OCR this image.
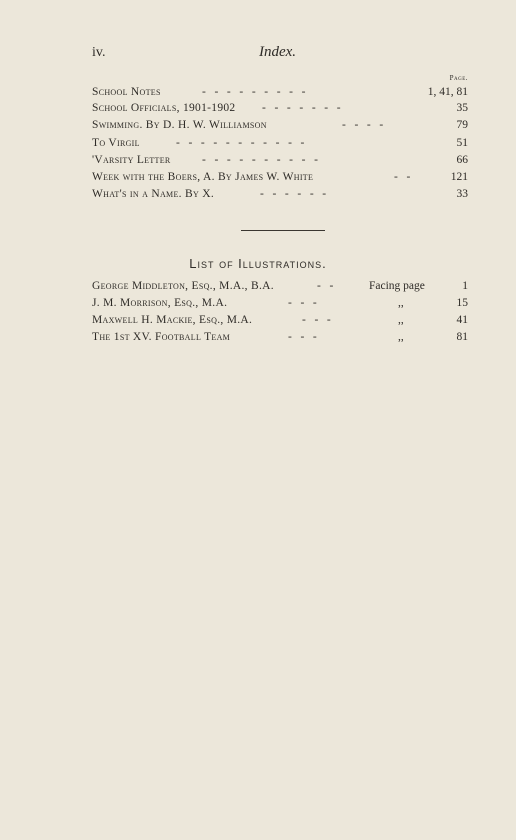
iv.	Index.
Page.
School Notes	-   -   -   -   -   -   -   -   -	1, 41, 81
School Officials, 1901-1902 -   -   -   -   -   -   -	35
Swimming. By D. H. W. Williamson	-   -   -   -	79
To Virgil	-   -   -   -   -   -   -   -   -   -   -	51
'Varsity Letter	-   -   -   -   -   -   -   -   -   -	66
Week with the Boers, A. By James W. White	-   -	121
What's in a Name. By X.	-   -   -   -   -   -	33
List of Illustrations.
George Middleton, Esq., M.A., B.A.	-   -	Facing page	1
J. M. Morrison, Esq., M.A.	-   -   -	,,	15
Maxwell H. Mackie, Esq., M.A.	-   -   -	,,	41
The 1st XV. Football Team	-   -   -	,,	81
